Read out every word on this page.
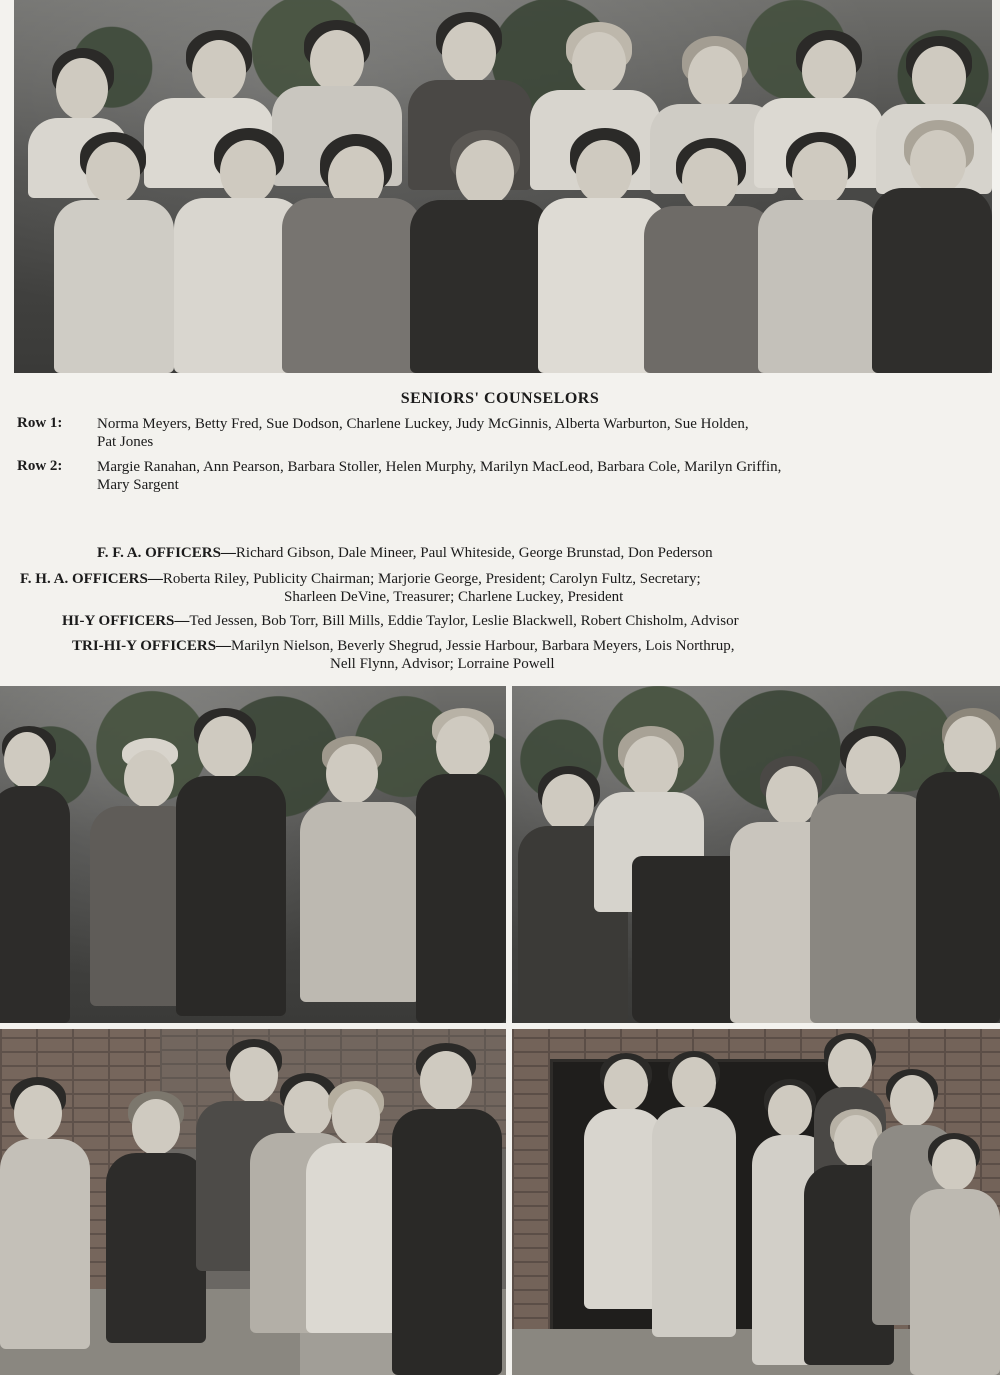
SENIORS' COUNSELORS
Row 1:	Norma Meyers, Betty Fred, Sue Dodson, Charlene Luckey, Judy McGinnis, Alberta Warburton, Sue Holden,
Pat Jones
Row 2:	Margie Ranahan, Ann Pearson, Barbara Stoller, Helen Murphy, Marilyn MacLeod, Barbara Cole, Marilyn Griffin,
Mary Sargent
F. F. A. OFFICERS—Richard Gibson, Dale Mineer, Paul Whiteside, George Brunstad, Don Pederson
F. H. A. OFFICERS—Roberta Riley, Publicity Chairman; Marjorie George, President; Carolyn Fultz, Secretary;
Sharleen DeVine, Treasurer; Charlene Luckey, President
HI-Y OFFICERS—Ted Jessen, Bob Torr, Bill Mills, Eddie Taylor, Leslie Blackwell, Robert Chisholm, Advisor
TRI-HI-Y OFFICERS—Marilyn Nielson, Beverly Shegrud, Jessie Harbour, Barbara Meyers, Lois Northrup,
Nell Flynn, Advisor; Lorraine Powell
